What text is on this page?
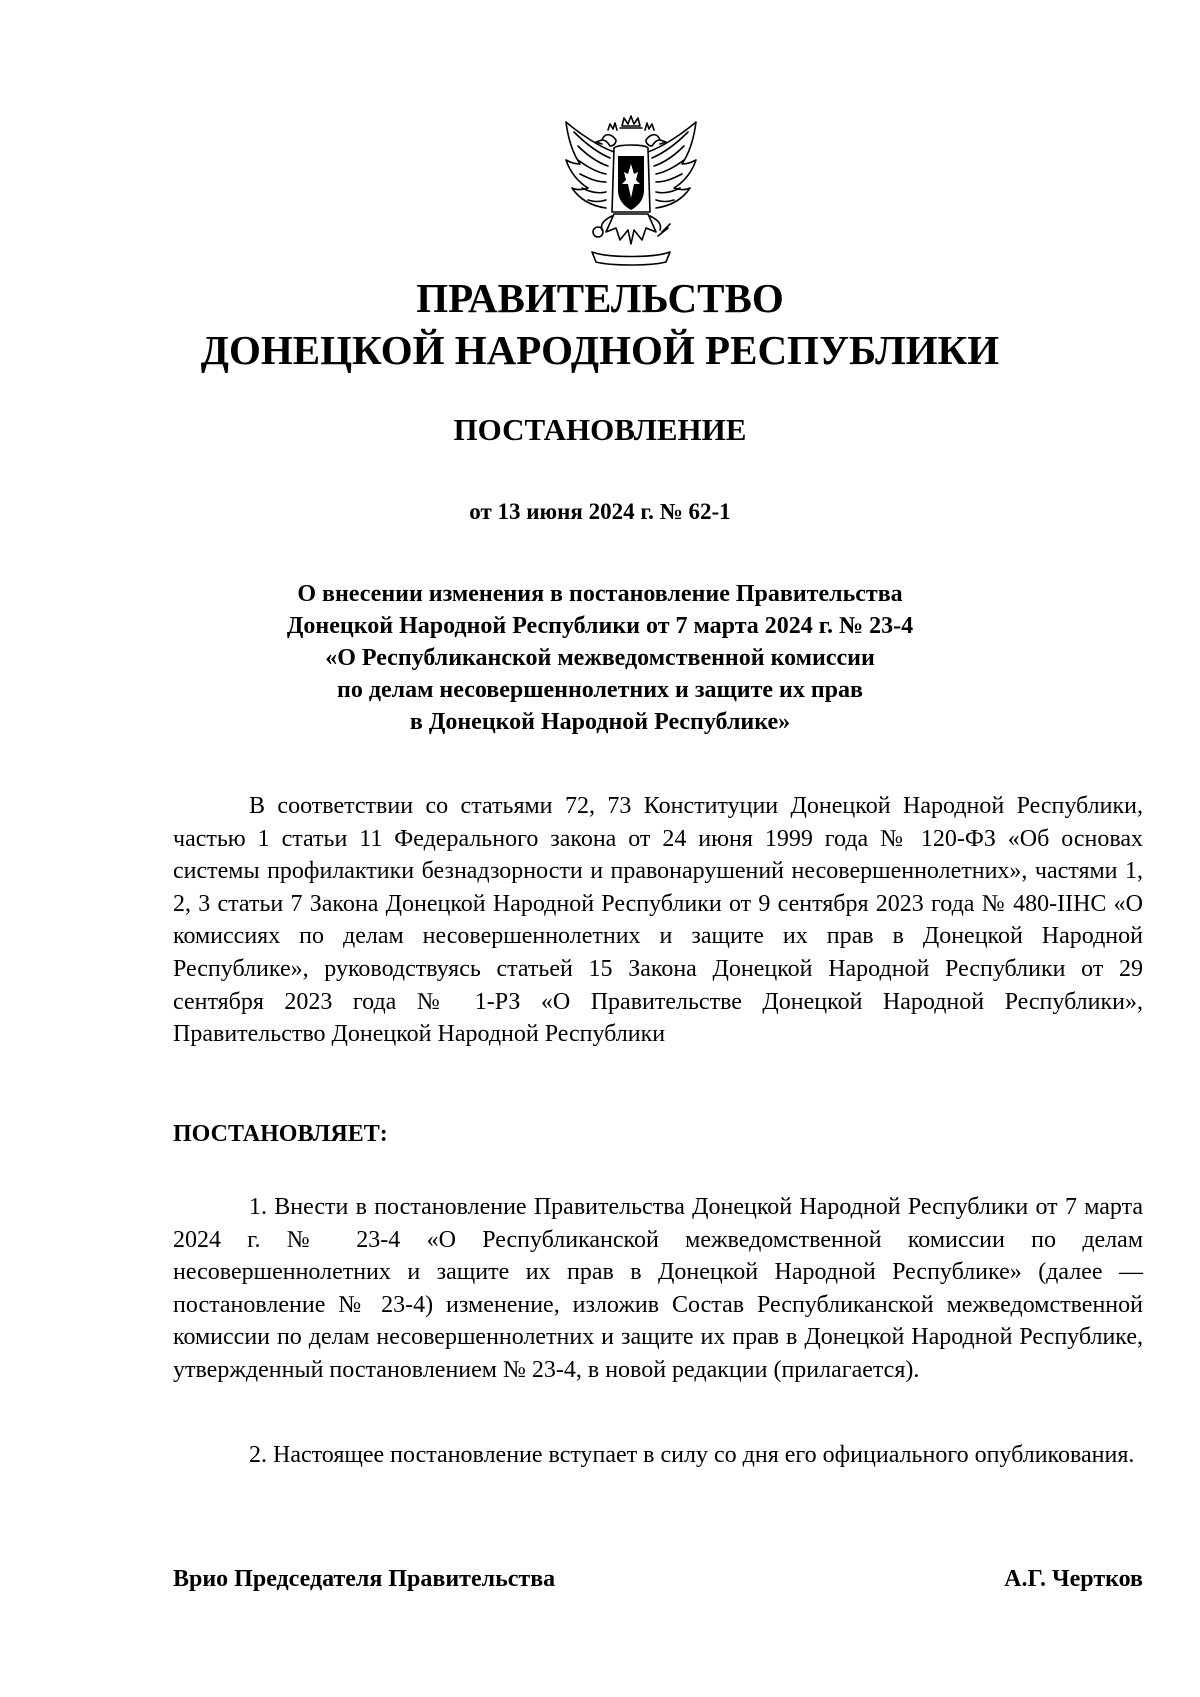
ПРАВИТЕЛЬСТВО
ДОНЕЦКОЙ НАРОДНОЙ РЕСПУБЛИКИ
ПОСТАНОВЛЕНИЕ
от 13 июня 2024 г. № 62-1
О внесении изменения в постановление Правительства
Донецкой Народной Республики от 7 марта 2024 г. № 23-4
«О Республиканской межведомственной комиссии
по делам несовершеннолетних и защите их прав
в Донецкой Народной Республике»

В соответствии со статьями 72, 73 Конституции Донецкой Народной Республики, частью 1 статьи 11 Федерального закона от 24 июня 1999 года № 120-ФЗ «Об основах системы профилактики безнадзорности и правонарушений несовершеннолетних», частями 1, 2, 3 статьи 7 Закона Донецкой Народной Республики от 9 сентября 2023 года № 480-IIНС «О комиссиях по делам несовершеннолетних и защите их прав в Донецкой Народной Республике», руководствуясь статьей 15 Закона Донецкой Народной Республики от 29 сентября 2023 года № 1-РЗ «О Правительстве Донецкой Народной Республики», Правительство Донецкой Народной Республики

ПОСТАНОВЛЯЕТ:

1. Внести в постановление Правительства Донецкой Народной Республики от 7 марта 2024 г. № 23-4 «О Республиканской межведомственной комиссии по делам несовершеннолетних и защите их прав в Донецкой Народной Республике» (далее — постановление № 23-4) изменение, изложив Состав Республиканской межведомственной комиссии по делам несовершеннолетних и защите их прав в Донецкой Народной Республике, утвержденный постановлением № 23-4, в новой редакции (прилагается).

2. Настоящее постановление вступает в силу со дня его официального опубликования.

Врио Председателя Правительства	А.Г. Чертков
